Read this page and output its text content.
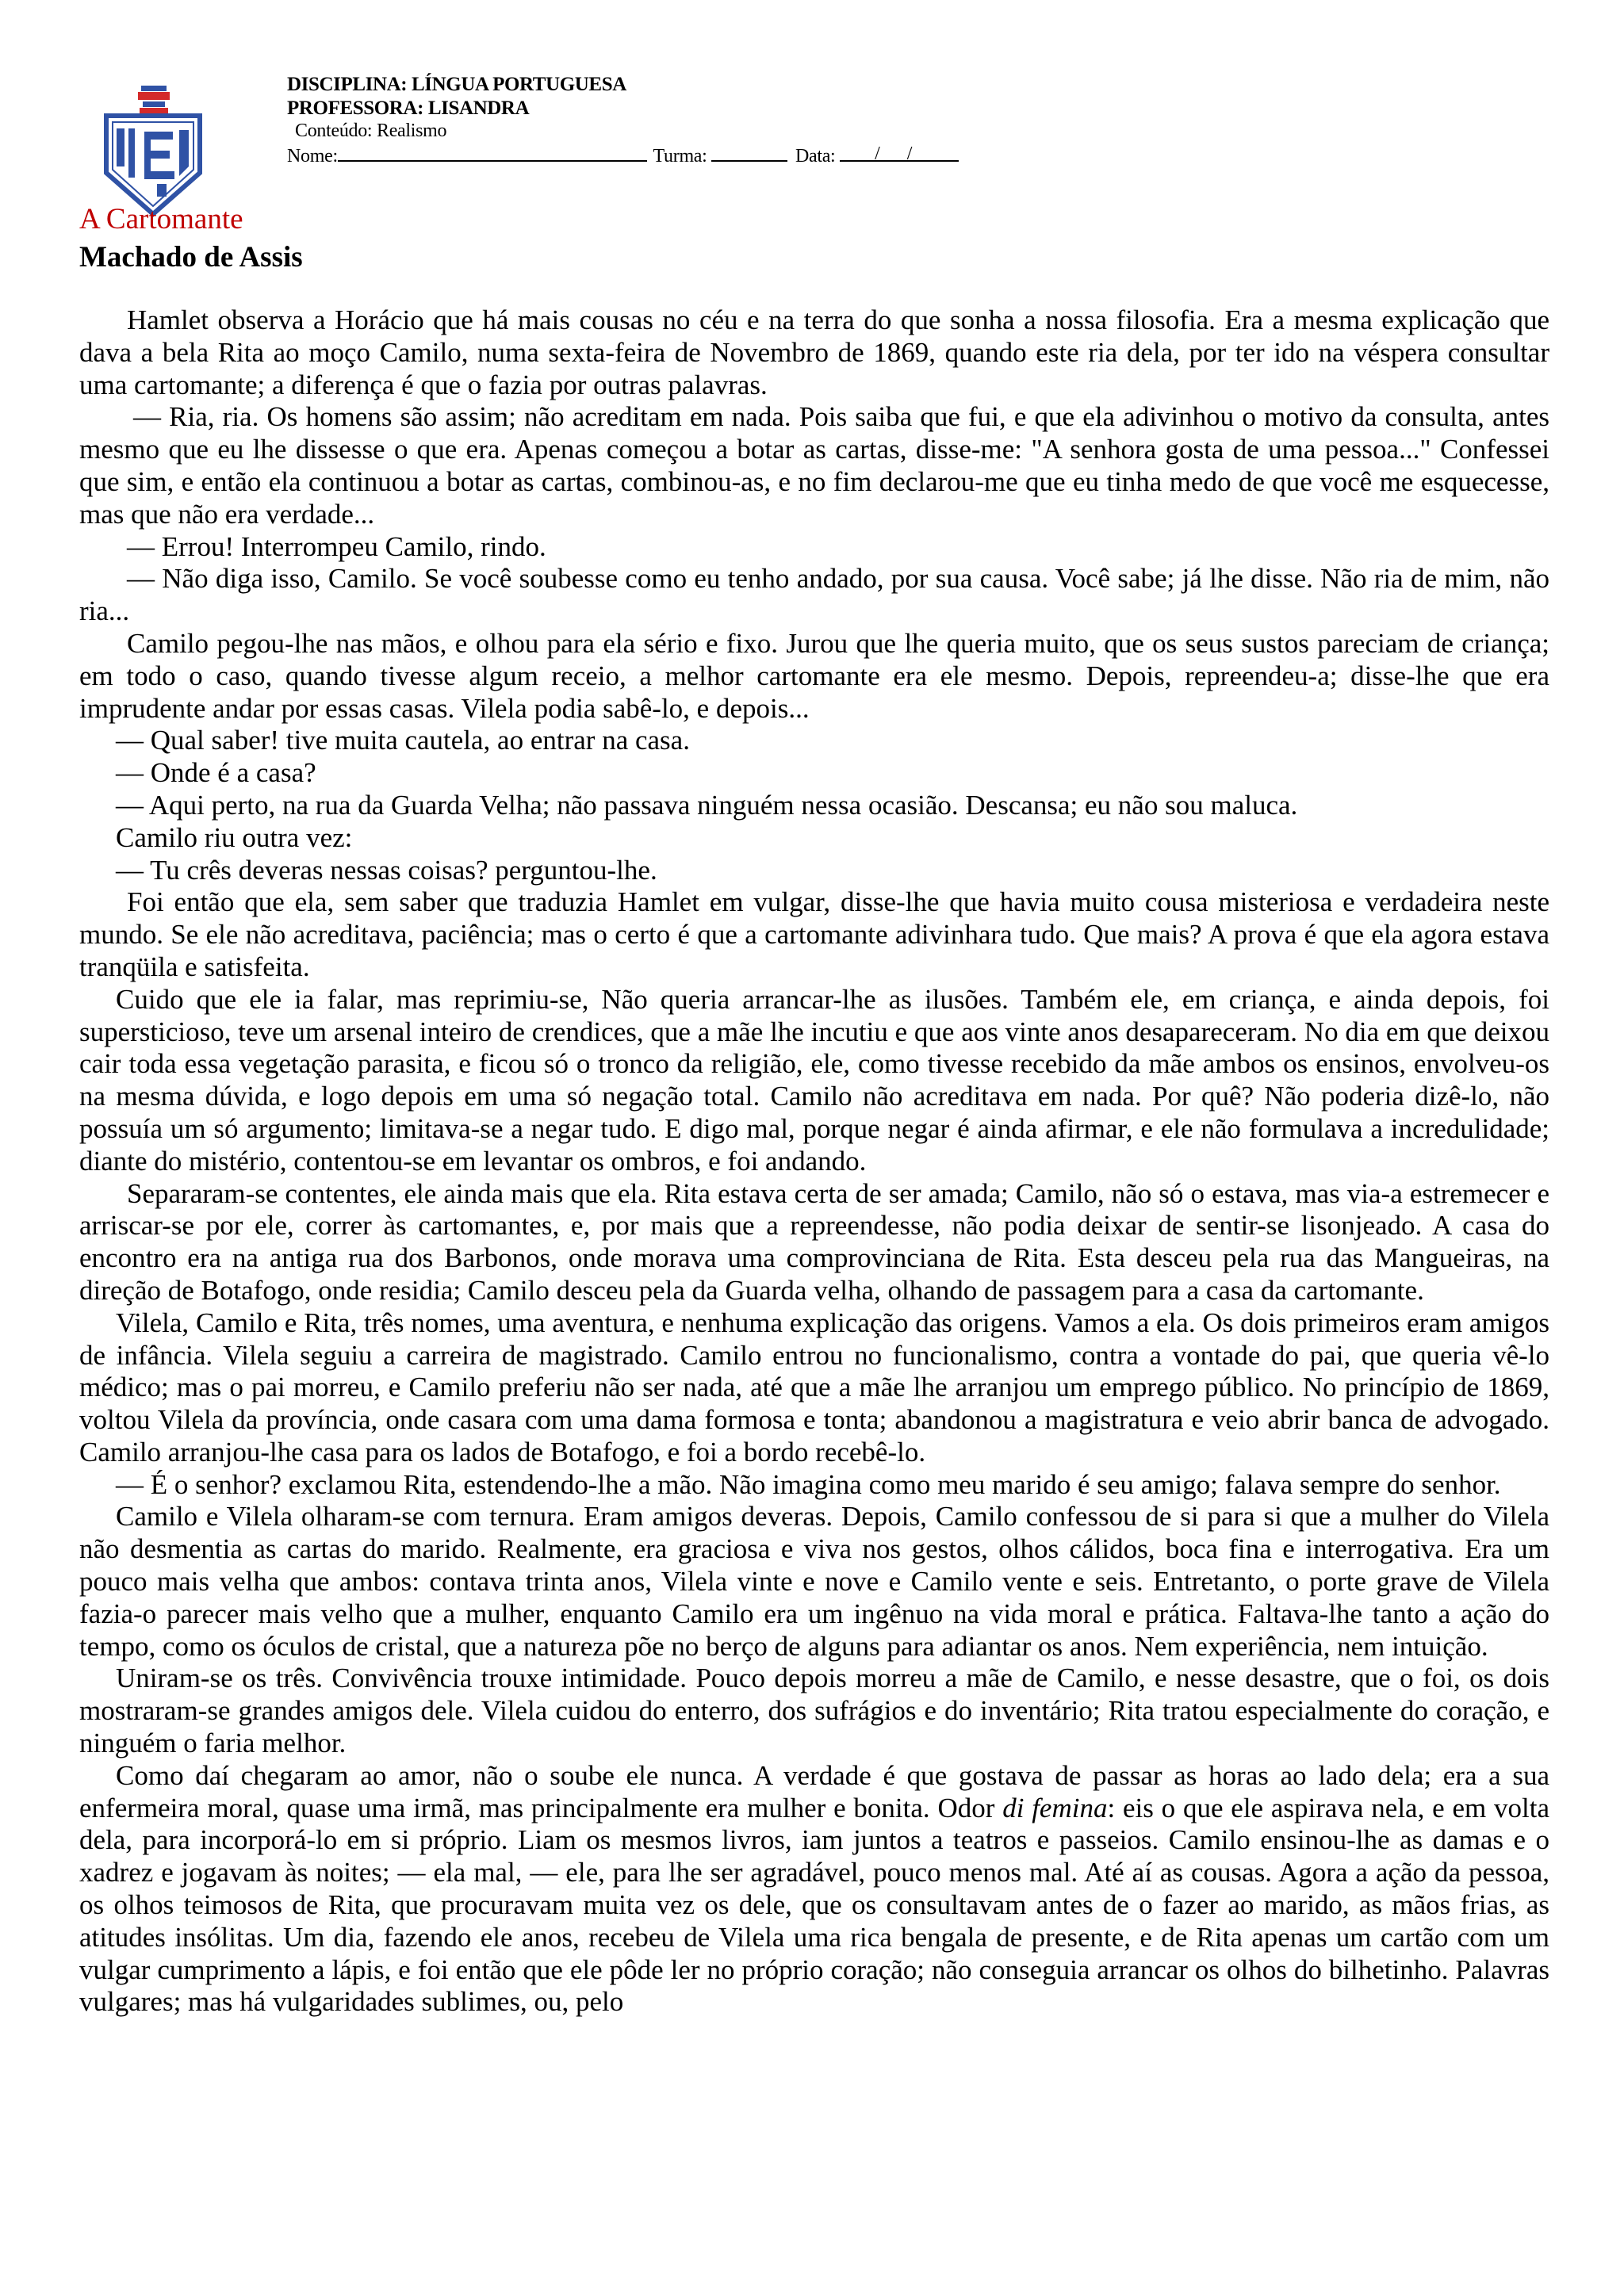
DISCIPLINA: LÍNGUA PORTUGUESA
PROFESSORA: LISANDRA
Conteúdo: Realismo
Nome:	Turma:	Data: /      /
A Cartomante
Machado de Assis

Hamlet observa a Horácio que há mais cousas no céu e na terra do que sonha a nossa filosofia. Era a mesma explicação que dava a bela Rita ao moço Camilo, numa sexta-feira de Novembro de 1869, quando este ria dela, por ter ido na véspera consultar uma cartomante; a diferença é que o fazia por outras palavras.

— Ria, ria. Os homens são assim; não acreditam em nada. Pois saiba que fui, e que ela adivinhou o motivo da consulta, antes mesmo que eu lhe dissesse o que era. Apenas começou a botar as cartas, disse-me: "A senhora gosta de uma pessoa..." Confessei que sim, e então ela continuou a botar as cartas, combinou-as, e no fim declarou-me que eu tinha medo de que você me esquecesse, mas que não era verdade...

— Errou! Interrompeu Camilo, rindo.

— Não diga isso, Camilo. Se você soubesse como eu tenho andado, por sua causa. Você sabe; já lhe disse. Não ria de mim, não ria...

Camilo pegou-lhe nas mãos, e olhou para ela sério e fixo. Jurou que lhe queria muito, que os seus sustos pareciam de criança; em todo o caso, quando tivesse algum receio, a melhor cartomante era ele mesmo. Depois, repreendeu-a; disse-lhe que era imprudente andar por essas casas. Vilela podia sabê-lo, e depois...

— Qual saber! tive muita cautela, ao entrar na casa.

— Onde é a casa?

— Aqui perto, na rua da Guarda Velha; não passava ninguém nessa ocasião. Descansa; eu não sou maluca.

Camilo riu outra vez:

— Tu crês deveras nessas coisas? perguntou-lhe.

Foi então que ela, sem saber que traduzia Hamlet em vulgar, disse-lhe que havia muito cousa misteriosa e verdadeira neste mundo. Se ele não acreditava, paciência; mas o certo é que a cartomante adivinhara tudo. Que mais? A prova é que ela agora estava tranqüila e satisfeita.

Cuido que ele ia falar, mas reprimiu-se, Não queria arrancar-lhe as ilusões. Também ele, em criança, e ainda depois, foi supersticioso, teve um arsenal inteiro de crendices, que a mãe lhe incutiu e que aos vinte anos desapareceram. No dia em que deixou cair toda essa vegetação parasita, e ficou só o tronco da religião, ele, como tivesse recebido da mãe ambos os ensinos, envolveu-os na mesma dúvida, e logo depois em uma só negação total. Camilo não acreditava em nada. Por quê? Não poderia dizê-lo, não possuía um só argumento; limitava-se a negar tudo. E digo mal, porque negar é ainda afirmar, e ele não formulava a incredulidade; diante do mistério, contentou-se em levantar os ombros, e foi andando.

Separaram-se contentes, ele ainda mais que ela. Rita estava certa de ser amada; Camilo, não só o estava, mas via-a estremecer e arriscar-se por ele, correr às cartomantes, e, por mais que a repreendesse, não podia deixar de sentir-se lisonjeado. A casa do encontro era na antiga rua dos Barbonos, onde morava uma comprovinciana de Rita. Esta desceu pela rua das Mangueiras, na direção de Botafogo, onde residia; Camilo desceu pela da Guarda velha, olhando de passagem para a casa da cartomante.

Vilela, Camilo e Rita, três nomes, uma aventura, e nenhuma explicação das origens. Vamos a ela. Os dois primeiros eram amigos de infância. Vilela seguiu a carreira de magistrado. Camilo entrou no funcionalismo, contra a vontade do pai, que queria vê-lo médico; mas o pai morreu, e Camilo preferiu não ser nada, até que a mãe lhe arranjou um emprego público. No princípio de 1869, voltou Vilela da província, onde casara com uma dama formosa e tonta; abandonou a magistratura e veio abrir banca de advogado. Camilo arranjou-lhe casa para os lados de Botafogo, e foi a bordo recebê-lo.

— É o senhor? exclamou Rita, estendendo-lhe a mão. Não imagina como meu marido é seu amigo; falava sempre do senhor.

Camilo e Vilela olharam-se com ternura. Eram amigos deveras. Depois, Camilo confessou de si para si que a mulher do Vilela não desmentia as cartas do marido. Realmente, era graciosa e viva nos gestos, olhos cálidos, boca fina e interrogativa. Era um pouco mais velha que ambos: contava trinta anos, Vilela vinte e nove e Camilo vente e seis. Entretanto, o porte grave de Vilela fazia-o parecer mais velho que a mulher, enquanto Camilo era um ingênuo na vida moral e prática. Faltava-lhe tanto a ação do tempo, como os óculos de cristal, que a natureza põe no berço de alguns para adiantar os anos. Nem experiência, nem intuição.

Uniram-se os três. Convivência trouxe intimidade. Pouco depois morreu a mãe de Camilo, e nesse desastre, que o foi, os dois mostraram-se grandes amigos dele. Vilela cuidou do enterro, dos sufrágios e do inventário; Rita tratou especialmente do coração, e ninguém o faria melhor.

Como daí chegaram ao amor, não o soube ele nunca. A verdade é que gostava de passar as horas ao lado dela; era a sua enfermeira moral, quase uma irmã, mas principalmente era mulher e bonita. Odor di femina: eis o que ele aspirava nela, e em volta dela, para incorporá-lo em si próprio. Liam os mesmos livros, iam juntos a teatros e passeios. Camilo ensinou-lhe as damas e o xadrez e jogavam às noites; — ela mal, — ele, para lhe ser agradável, pouco menos mal. Até aí as cousas. Agora a ação da pessoa, os olhos teimosos de Rita, que procuravam muita vez os dele, que os consultavam antes de o fazer ao marido, as mãos frias, as atitudes insólitas. Um dia, fazendo ele anos, recebeu de Vilela uma rica bengala de presente, e de Rita apenas um cartão com um vulgar cumprimento a lápis, e foi então que ele pôde ler no próprio coração; não conseguia arrancar os olhos do bilhetinho. Palavras vulgares; mas há vulgaridades sublimes, ou, pelo
